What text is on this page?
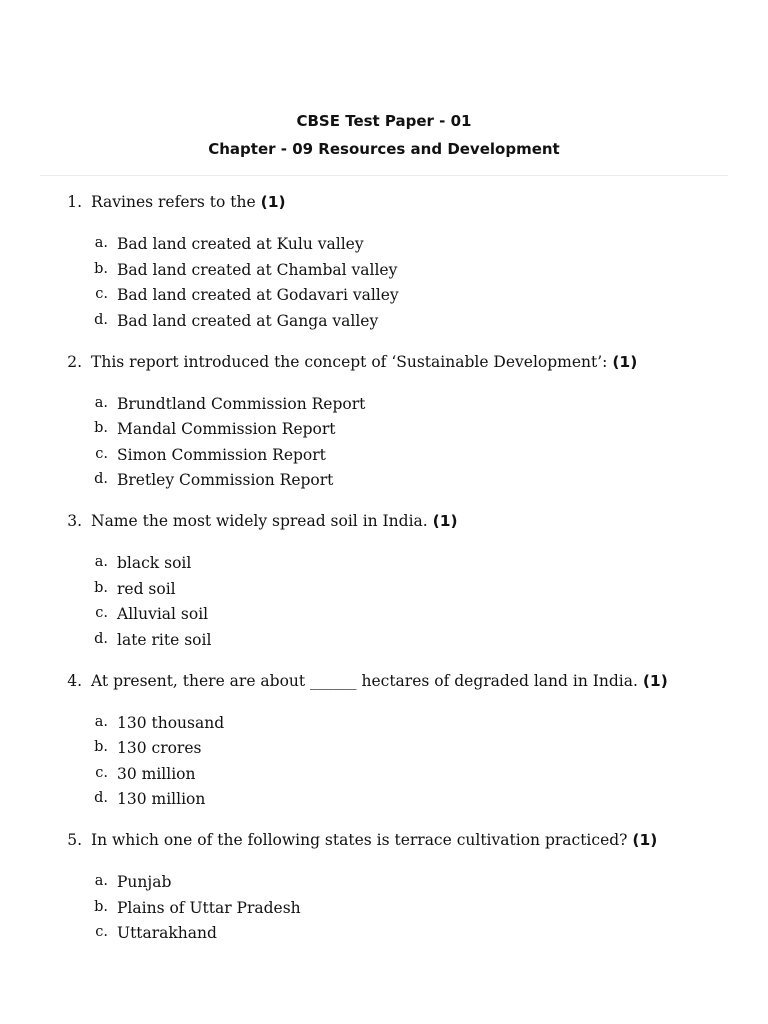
CBSE Test Paper - 01
Chapter - 09 Resources and Development
1. Ravines refers to the (1)
a. Bad land created at Kulu valley
b. Bad land created at Chambal valley
c. Bad land created at Godavari valley
d. Bad land created at Ganga valley
2. This report introduced the concept of ‘Sustainable Development’: (1)
a. Brundtland Commission Report
b. Mandal Commission Report
c. Simon Commission Report
d. Bretley Commission Report
3. Name the most widely spread soil in India. (1)
a. black soil
b. red soil
c. Alluvial soil
d. late rite soil
4. At present, there are about ______ hectares of degraded land in India. (1)
a. 130 thousand
b. 130 crores
c. 30 million
d. 130 million
5. In which one of the following states is terrace cultivation practiced? (1)
a. Punjab
b. Plains of Uttar Pradesh
c. Uttarakhand
